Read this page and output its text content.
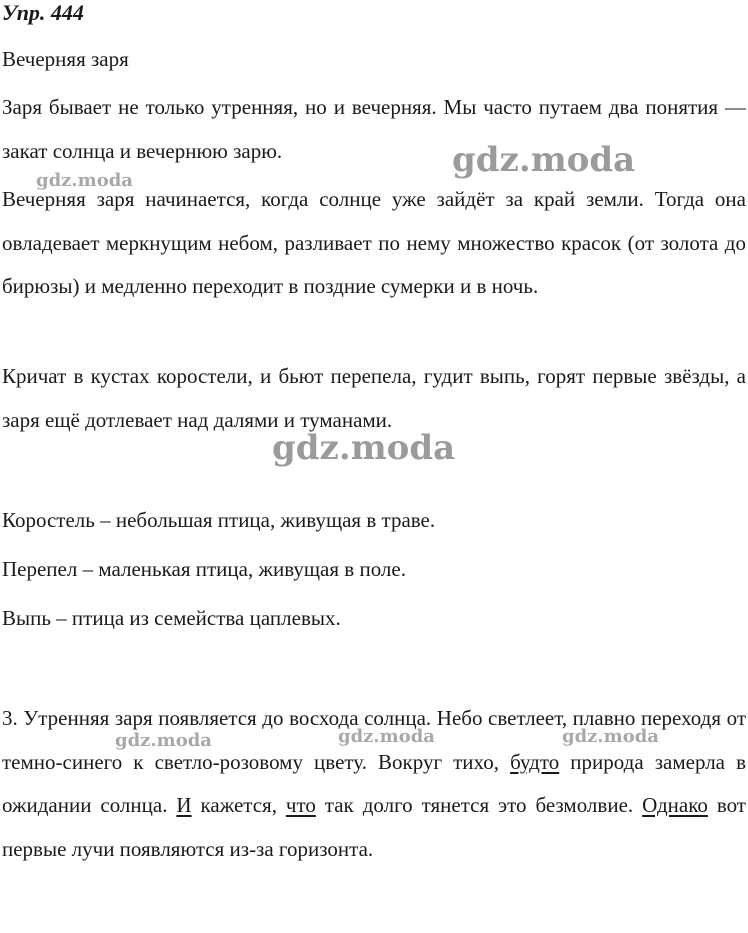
Упр. 444

Вечерняя заря

Заря бывает не только утренняя, но и вечерняя. Мы часто путаем два понятия — закат солнца и вечернюю зарю.

Вечерняя заря начинается, когда солнце уже зайдёт за край земли. Тогда она овладевает меркнущим небом, разливает по нему множество красок (от золота до бирюзы) и медленно переходит в поздние сумерки и в ночь.

Кричат в кустах коростели, и бьют перепела, гудит выпь, горят первые звёзды, а заря ещё дотлевает над далями и туманами.

Коростель – небольшая птица, живущая в траве.

Перепел – маленькая птица, живущая в поле.

Выпь – птица из семейства цаплевых.

3. Утренняя заря появляется до восхода солнца. Небо светлеет, плавно переходя от темно-синего к светло-розовому цвету. Вокруг тихо, будто природа замерла в ожидании солнца. И кажется, что так долго тянется это безмолвие. Однако вот первые лучи появляются из-за горизонта.

gdz.moda
gdz.moda
gdz.moda
gdz.moda	gdz.moda	gdz.moda
